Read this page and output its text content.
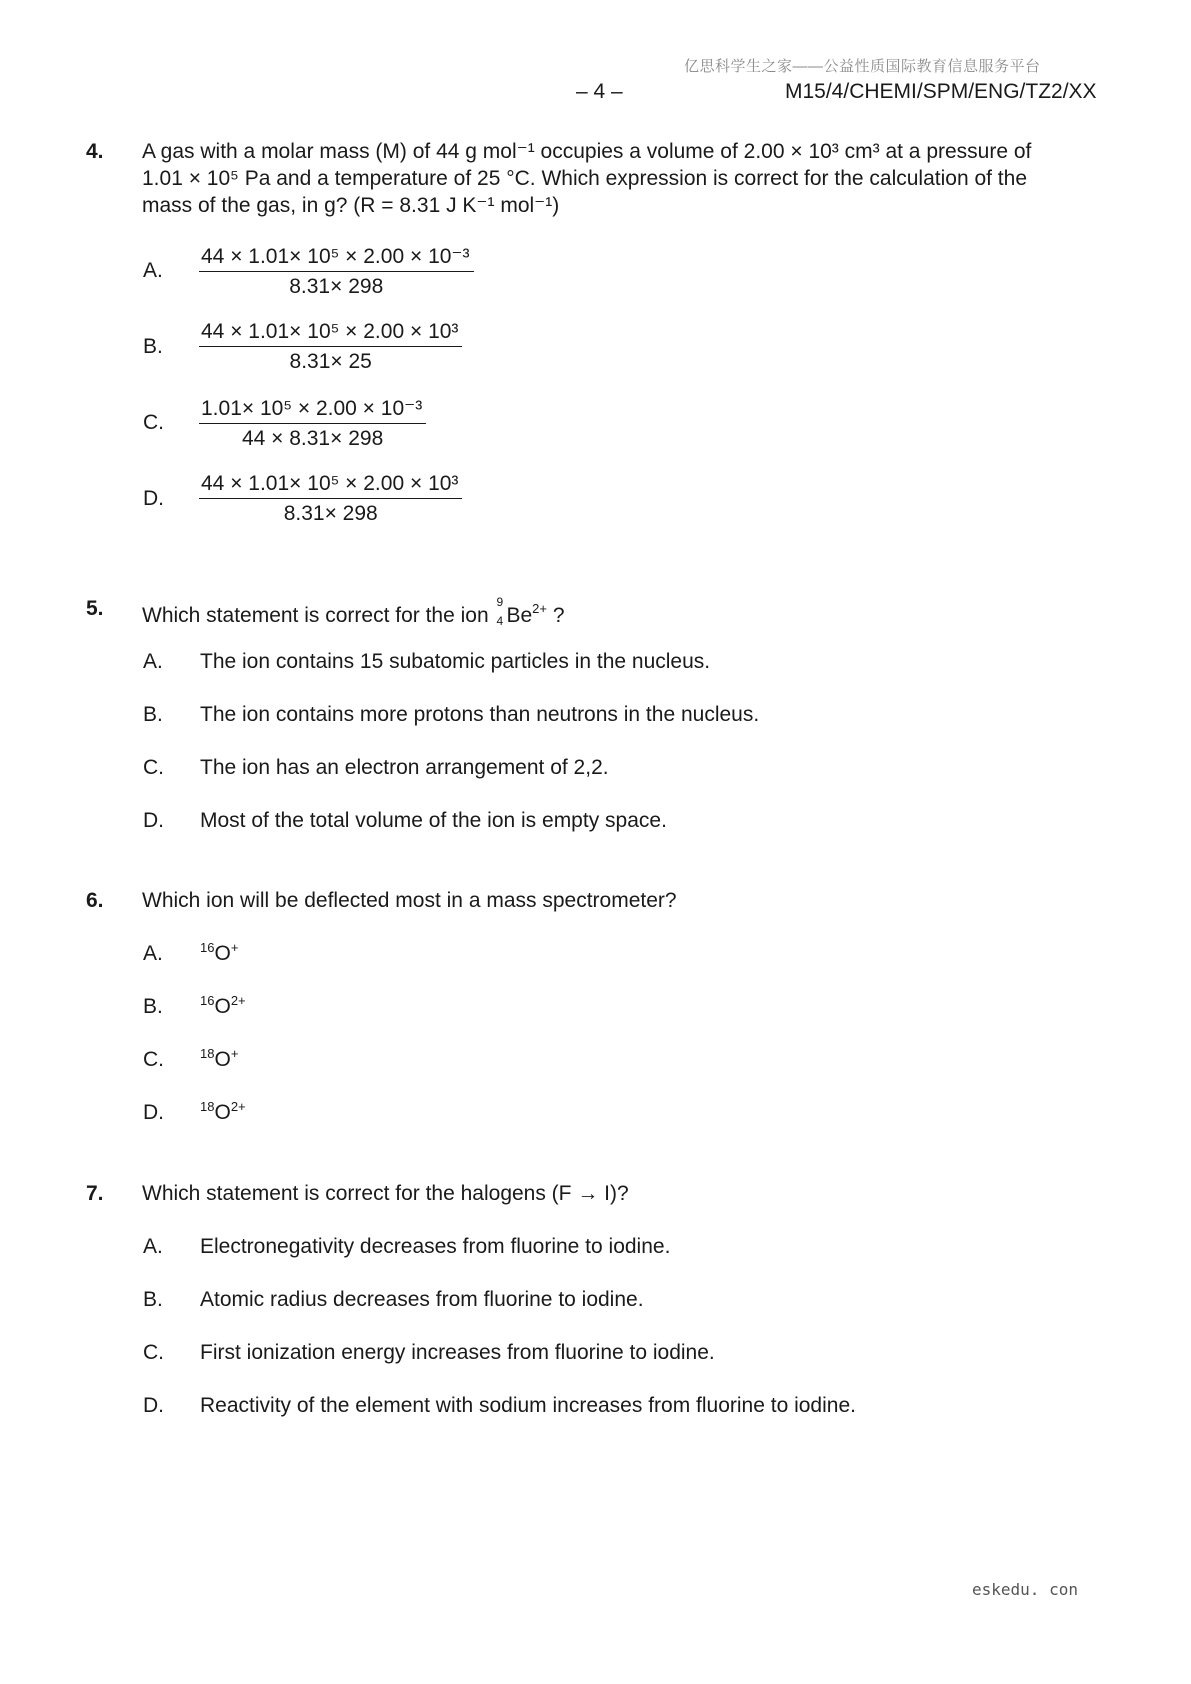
亿思科学生之家——公益性质国际教育信息服务平台
– 4 –	M15/4/CHEMI/SPM/ENG/TZ2/XX
4. A gas with a molar mass (M) of 44 g mol⁻¹ occupies a volume of 2.00 × 10³ cm³ at a pressure of
1.01 × 10⁵ Pa and a temperature of 25 °C. Which expression is correct for the calculation of the
mass of the gas, in g? (R = 8.31 J K⁻¹ mol⁻¹)
A. $\frac{\text{44 × 1.01× 10⁵ × 2.00 × 10⁻³}}{8.31\times 298}$
B. $\frac{\text{44 × 1.01× 10⁵ × 2.00 × 10³}}{8.31\times 25}$
C. $\frac{\text{1.01× 10⁵ × 2.00 × 10⁻³}}{44 \times 8.31\times 298}$
D. $\frac{\text{44 × 1.01× 10⁵ × 2.00 × 10³}}{8.31\times 298}$
5. Which statement is correct for the ion
9
4 $Be^{2+}$ ?
A. The ion contains 15 subatomic particles in the nucleus.
B. The ion contains more protons than neutrons in the nucleus.
C. The ion has an electron arrangement of 2,2.
D. Most of the total volume of the ion is empty space.
6. Which ion will be deflected most in a mass spectrometer?
A.	$^{16}$O+
B.	$^{16}O^{2+}$
C.	$^{18}$O+
D.	$^{18}O^{2+}$
7. Which statement is correct for the halogens (F → I)?
A. Electronegativity decreases from fluorine to iodine.
B. Atomic radius decreases from fluorine to iodine.
C. First ionization energy increases from fluorine to iodine.
D. Reactivity of the element with sodium increases from fluorine to iodine.
eskedu. con
